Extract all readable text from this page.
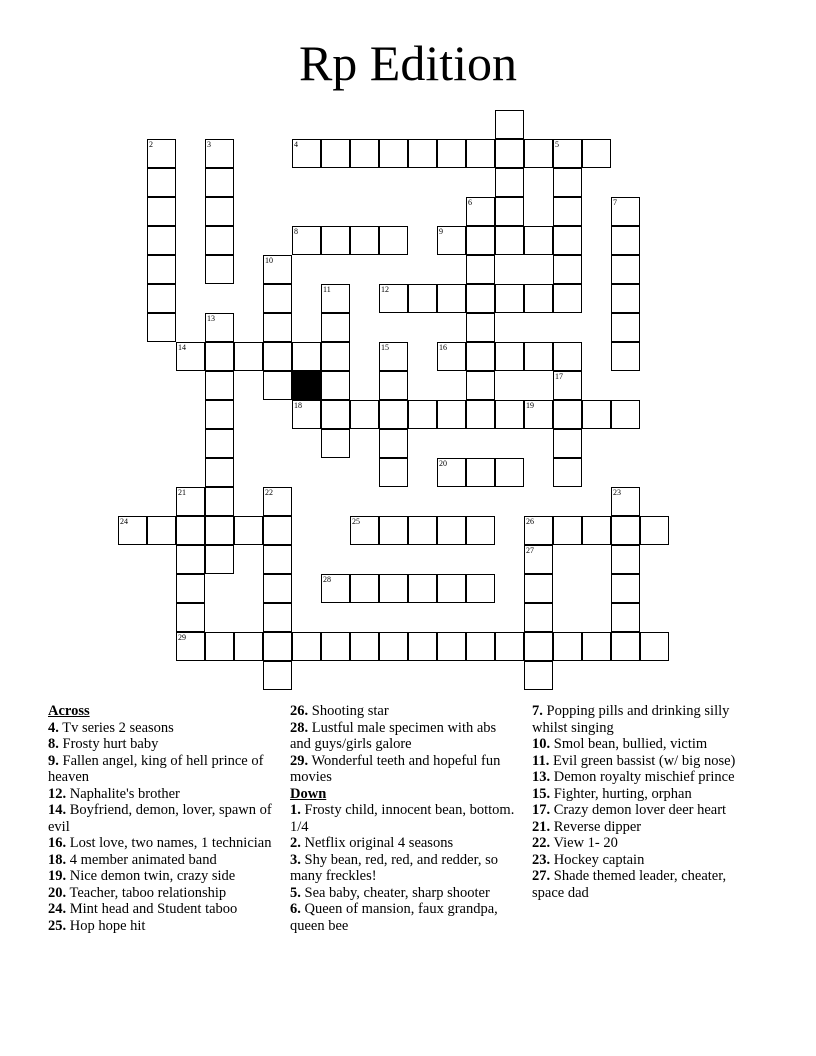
Rp Edition
2	3	4	5
6	7
8	9
10
11	12
13
14	15	16
17
18	19
20
21	22	23
24	25	26
27
28
29
Across
4. Tv series 2 seasons
8. Frosty hurt baby
9. Fallen angel, king of hell prince of heaven
12. Naphalite's brother
14. Boyfriend, demon, lover, spawn of evil
16. Lost love, two names, 1 technician
18. 4 member animated band
19. Nice demon twin, crazy side
20. Teacher, taboo relationship
24. Mint head and Student taboo
25. Hop hope hit
26. Shooting star
28. Lustful male specimen with abs and guys/girls galore
29. Wonderful teeth and hopeful fun movies
Down
1. Frosty child, innocent bean, bottom. 1/4
2. Netflix original 4 seasons
3. Shy bean, red, red, and redder, so many freckles!
5. Sea baby, cheater, sharp shooter
6. Queen of mansion, faux grandpa, queen bee
7. Popping pills and drinking silly whilst singing
10. Smol bean, bullied, victim
11. Evil green bassist (w/ big nose)
13. Demon royalty mischief prince
15. Fighter, hurting, orphan
17. Crazy demon lover deer heart
21. Reverse dipper
22. View 1- 20
23. Hockey captain
27. Shade themed leader, cheater, space dad
